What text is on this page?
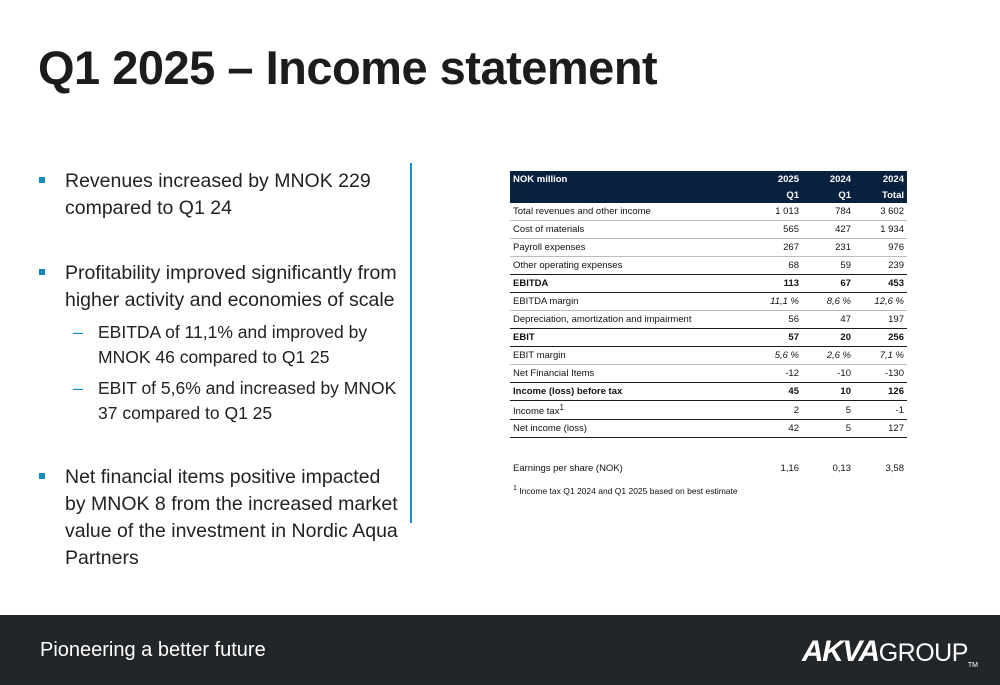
Q1 2025 – Income statement
Revenues increased by MNOK 229 compared to Q1 24
Profitability improved significantly from higher activity and economies of scale
– EBITDA of 11,1% and improved by MNOK 46 compared to Q1 25
– EBIT of 5,6% and increased by MNOK 37 compared to Q1 25
Net financial items positive impacted by MNOK 8 from the increased market value of the investment in Nordic Aqua Partners
NOK million	2025	2024	2024
	Q1	Q1	Total
Total revenues and other income	1 013	784	3 602
Cost of materials	565	427	1 934
Payroll expenses	267	231	976
Other operating expenses	68	59	239
EBITDA	113	67	453
EBITDA margin	11,1 %	8,6 %	12,6 %
Depreciation, amortization and impairment	56	47	197
EBIT	57	20	256
EBIT margin	5,6 %	2,6 %	7,1 %
Net Financial Items	-12	-10	-130
Income (loss) before tax	45	10	126
Income tax$^1$	2	5	-1
Net income (loss)	42	5	127

Earnings per share (NOK)	1,16	0,13	3,58
$^1$ Income tax Q1 2024 and Q1 2025 based on best estimate
Pioneering a better future	AKVAGROUPTM
